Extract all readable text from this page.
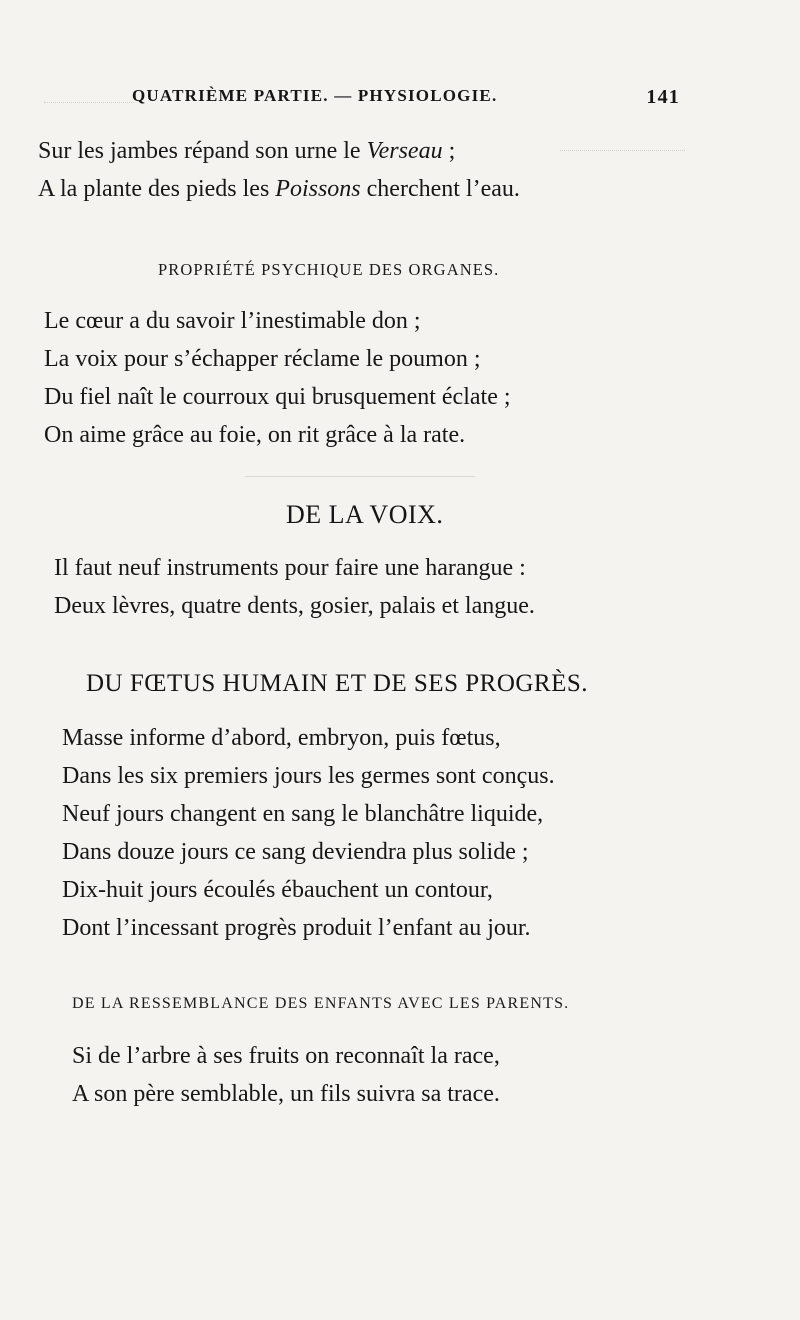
QUATRIÈME PARTIE. — PHYSIOLOGIE.	141
Sur les jambes répand son urne le Verseau ;
A la plante des pieds les Poissons cherchent l’eau.
PROPRIÉTÉ PSYCHIQUE DES ORGANES.
Le cœur a du savoir l’inestimable don ;
La voix pour s’échapper réclame le poumon ;
Du fiel naît le courroux qui brusquement éclate ;
On aime grâce au foie, on rit grâce à la rate.
DE LA VOIX.
Il faut neuf instruments pour faire une harangue :
Deux lèvres, quatre dents, gosier, palais et langue.
DU FŒTUS HUMAIN ET DE SES PROGRÈS.
Masse informe d’abord, embryon, puis fœtus,
Dans les six premiers jours les germes sont conçus.
Neuf jours changent en sang le blanchâtre liquide,
Dans douze jours ce sang deviendra plus solide ;
Dix-huit jours écoulés ébauchent un contour,
Dont l’incessant progrès produit l’enfant au jour.
DE LA RESSEMBLANCE DES ENFANTS AVEC LES PARENTS.
Si de l’arbre à ses fruits on reconnaît la race,
A son père semblable, un fils suivra sa trace.
